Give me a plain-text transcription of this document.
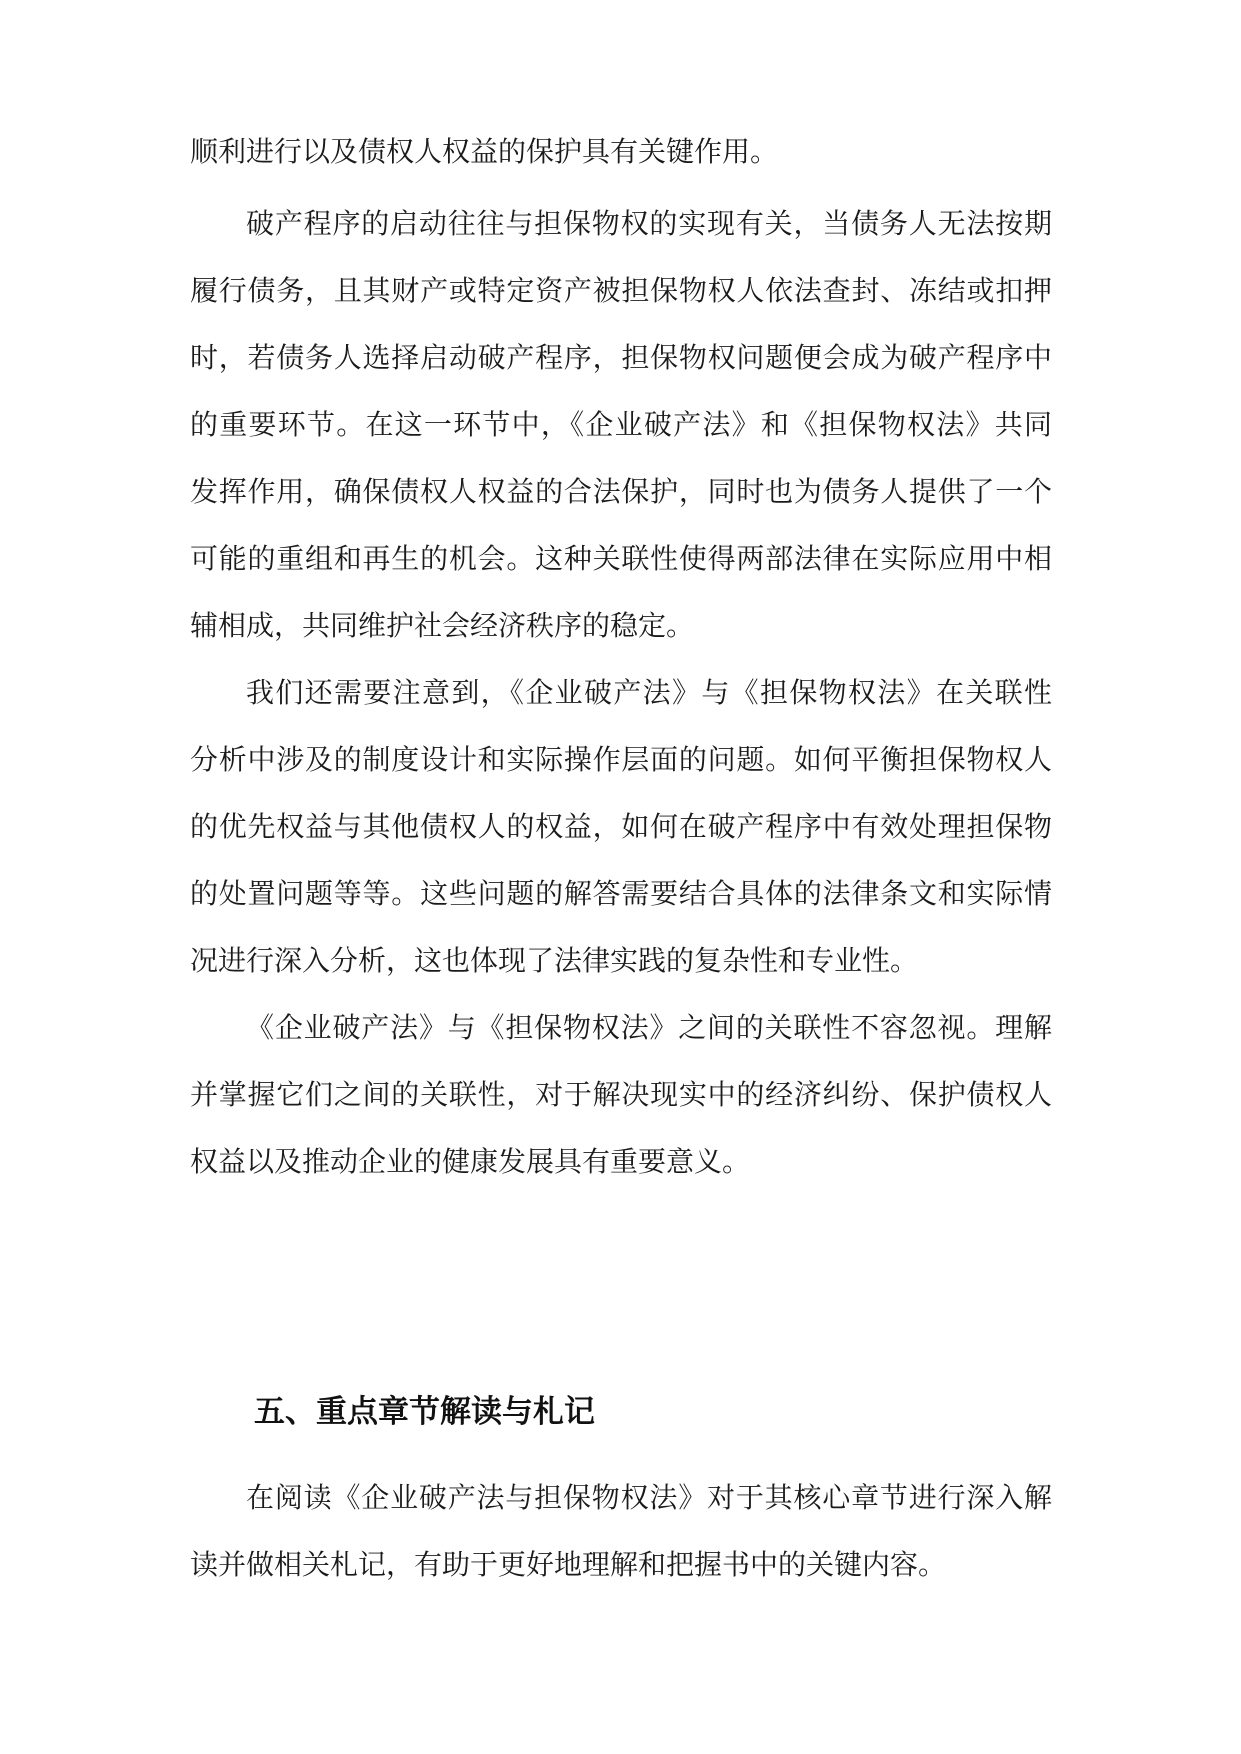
顺利进行以及债权人权益的保护具有关键作用。
破产程序的启动往往与担保物权的实现有关，当债务人无法按期
履行债务，且其财产或特定资产被担保物权人依法查封、冻结或扣押
时，若债务人选择启动破产程序，担保物权问题便会成为破产程序中
的重要环节。在这一环节中，《企业破产法》和《担保物权法》共同
发挥作用，确保债权人权益的合法保护，同时也为债务人提供了一个
可能的重组和再生的机会。这种关联性使得两部法律在实际应用中相
辅相成，共同维护社会经济秩序的稳定。
我们还需要注意到，《企业破产法》与《担保物权法》在关联性
分析中涉及的制度设计和实际操作层面的问题。如何平衡担保物权人
的优先权益与其他债权人的权益，如何在破产程序中有效处理担保物
的处置问题等等。这些问题的解答需要结合具体的法律条文和实际情
况进行深入分析，这也体现了法律实践的复杂性和专业性。
《企业破产法》与《担保物权法》之间的关联性不容忽视。理解
并掌握它们之间的关联性，对于解决现实中的经济纠纷、保护债权人
权益以及推动企业的健康发展具有重要意义。
五、重点章节解读与札记
在阅读《企业破产法与担保物权法》对于其核心章节进行深入解
读并做相关札记，有助于更好地理解和把握书中的关键内容。
